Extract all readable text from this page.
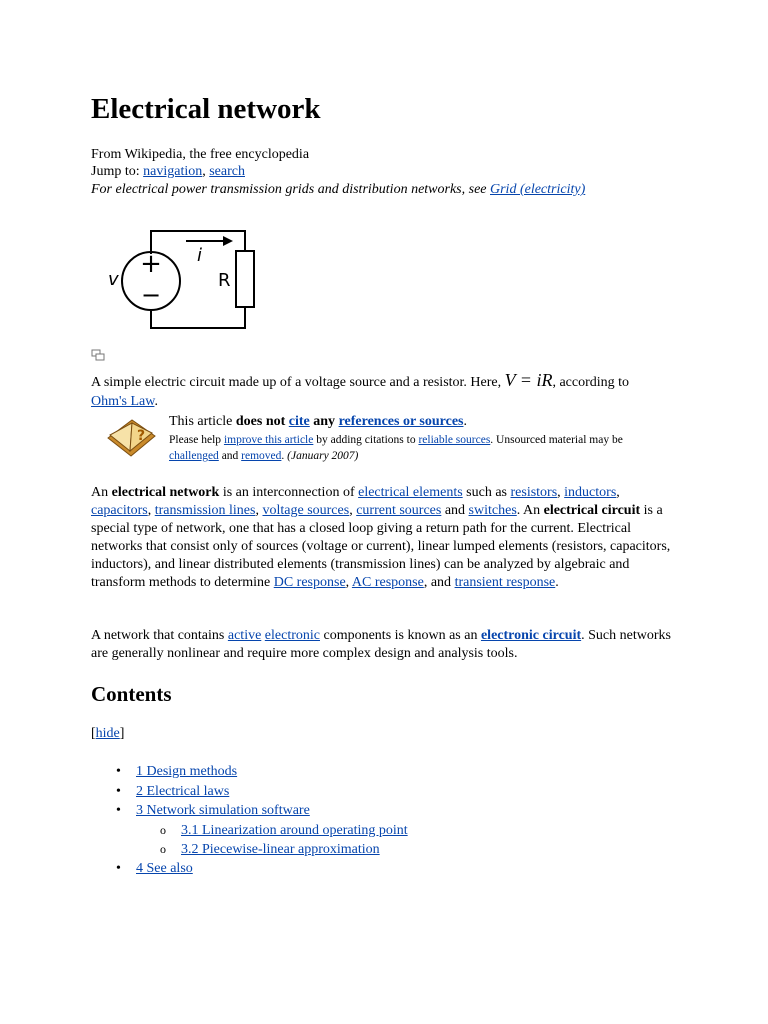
Electrical network
From Wikipedia, the free encyclopedia
Jump to: navigation, search
For electrical power transmission grids and distribution networks, see Grid (electricity)
+
−
v
i
R
A simple electric circuit made up of a voltage source and a resistor. Here, V = iR, according to
Ohm's Law.
?
This article does not cite any references or sources.
Please help improve this article by adding citations to reliable sources. Unsourced material may be
challenged and removed. (January 2007)
An electrical network is an interconnection of electrical elements such as resistors, inductors, capacitors, transmission lines, voltage sources, current sources and switches. An electrical circuit is a special type of network, one that has a closed loop giving a return path for the current. Electrical networks that consist only of sources (voltage or current), linear lumped elements (resistors, capacitors, inductors), and linear distributed elements (transmission lines) can be analyzed by algebraic and transform methods to determine DC response, AC response, and transient response.
A network that contains active electronic components is known as an electronic circuit. Such networks are generally nonlinear and require more complex design and analysis tools.
Contents
[hide]
• 1 Design methods
• 2 Electrical laws
• 3 Network simulation software
o 3.1 Linearization around operating point
o 3.2 Piecewise-linear approximation
• 4 See also
